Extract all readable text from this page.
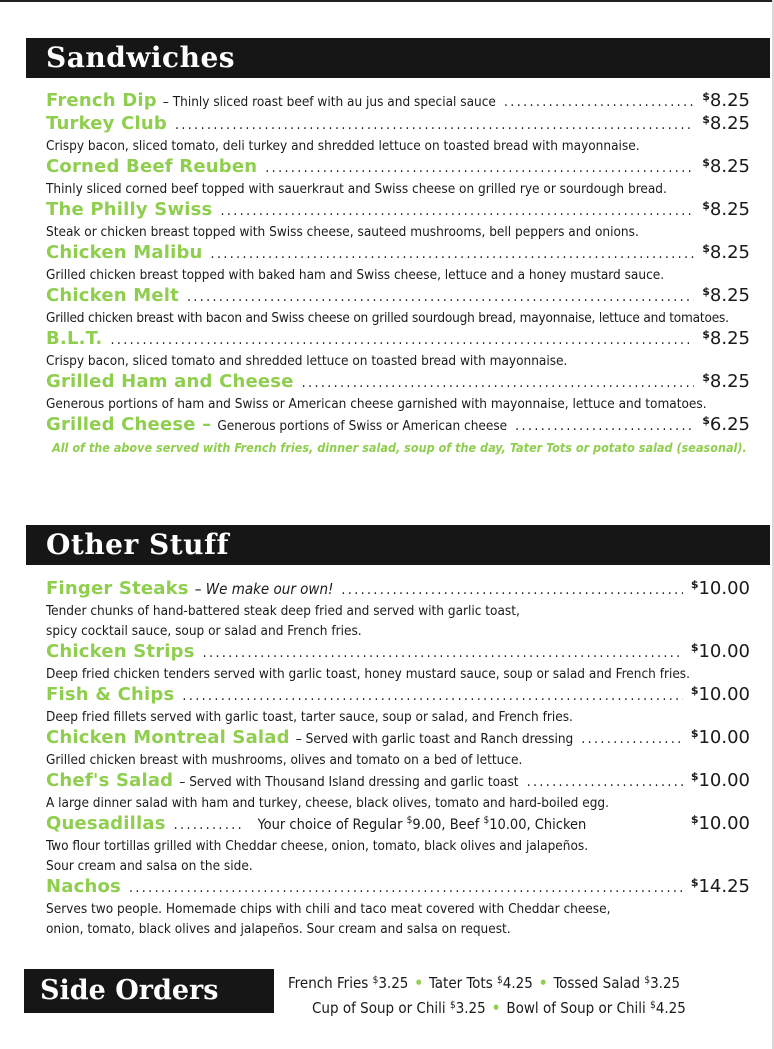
Sandwiches
French Dip – Thinly sliced roast beef with au jus and special sauce .....	$8.25
Turkey Club .....	$8.25
Crispy bacon, sliced tomato, deli turkey and shredded lettuce on toasted bread with mayonnaise.
Corned Beef Reuben .....	$8.25
Thinly sliced corned beef topped with sauerkraut and Swiss cheese on grilled rye or sourdough bread.
The Philly Swiss .....	$8.25
Steak or chicken breast topped with Swiss cheese, sauteed mushrooms, bell peppers and onions.
Chicken Malibu .....	$8.25
Grilled chicken breast topped with baked ham and Swiss cheese, lettuce and a honey mustard sauce.
Chicken Melt .....	$8.25
Grilled chicken breast with bacon and Swiss cheese on grilled sourdough bread, mayonnaise, lettuce and tomatoes.
B.L.T. .....	$8.25
Crispy bacon, sliced tomato and shredded lettuce on toasted bread with mayonnaise.
Grilled Ham and Cheese .....	$8.25
Generous portions of ham and Swiss or American cheese garnished with mayonnaise, lettuce and tomatoes.
Grilled Cheese – Generous portions of Swiss or American cheese .....	$6.25
All of the above served with French fries, dinner salad, soup of the day, Tater Tots or potato salad (seasonal).
Other Stuff
Finger Steaks – We make our own! .....	$10.00
Tender chunks of hand-battered steak deep fried and served with garlic toast,
spicy cocktail sauce, soup or salad and French fries.
Chicken Strips .....	$10.00
Deep fried chicken tenders served with garlic toast, honey mustard sauce, soup or salad and French fries.
Fish & Chips .....	$10.00
Deep fried fillets served with garlic toast, tarter sauce, soup or salad, and French fries.
Chicken Montreal Salad – Served with garlic toast and Ranch dressing .....	$10.00
Grilled chicken breast with mushrooms, olives and tomato on a bed of lettuce.
Chef's Salad – Served with Thousand Island dressing and garlic toast .....	$10.00
A large dinner salad with ham and turkey, cheese, black olives, tomato and hard-boiled egg.
Quesadillas .....	Your choice of Regular $9.00, Beef $10.00, Chicken	$10.00
Two flour tortillas grilled with Cheddar cheese, onion, tomato, black olives and jalapeños.
Sour cream and salsa on the side.
Nachos .....	$14.25
Serves two people. Homemade chips with chili and taco meat covered with Cheddar cheese,
onion, tomato, black olives and jalapeños. Sour cream and salsa on request.
Side Orders	French Fries $3.25 • Tater Tots $4.25 • Tossed Salad $3.25
Cup of Soup or Chili $3.25 • Bowl of Soup or Chili $4.25
